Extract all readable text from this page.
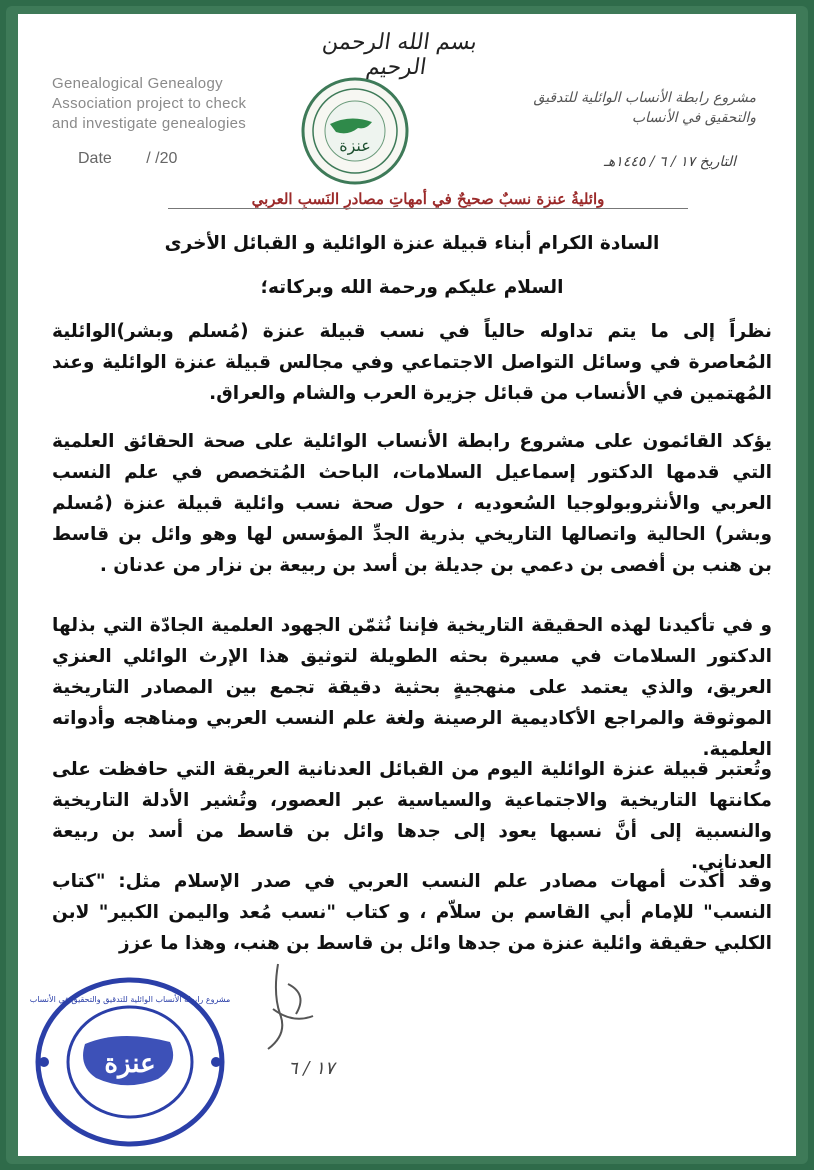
بسم الله الرحمن الرحيم
Genealogical Genealogy
Association project to check
and investigate genealogies
Date / /20
مشروع رابطة الأنساب الوائلية للتدقيق
والتحقيق في الأنساب
التاريخ ١٧ / ٦ / ١٤٤٥هـ
عنزة
وائليةُ عنزة نسبٌ صحيحٌ في أمهاتِ مصادرِ النَسبِ العربي
السادة الكرام أبناء قبيلة عنزة الوائلية و القبائل الأخرى
السلام عليكم ورحمة الله وبركاته؛
نظراً إلى ما يتم تداوله حالياً في نسب قبيلة عنزة (مُسلم وبشر)الوائلية المُعاصرة في وسائل التواصل الاجتماعي وفي مجالس قبيلة عنزة الوائلية وعند المُهتمين في الأنساب من قبائل جزيرة العرب والشام والعراق.
يؤكد القائمون على مشروع رابطة الأنساب الوائلية على صحة الحقائق العلمية التي قدمها الدكتور إسماعيل السلامات، الباحث المُتخصص في علم النسب العربي والأنثروبولوجيا السُعوديه ، حول صحة نسب وائلية قبيلة عنزة (مُسلم وبشر) الحالية واتصالها التاريخي بذرية الجدِّ المؤسس لها وهو وائل بن قاسط بن هنب بن أفصى بن دعمي بن جديلة بن أسد بن ربيعة بن نزار من عدنان .
و في تأكيدنا لهذه الحقيقة التاريخية فإننا نُثمّن الجهود العلمية الجادّة التي بذلها الدكتور السلامات في مسيرة بحثه الطويلة لتوثيق هذا الإرث الوائلي العنزي العريق، والذي يعتمد على منهجيةٍ بحثية دقيقة تجمع بين المصادر التاريخية الموثوقة والمراجع الأكاديمية الرصينة ولغة علم النسب العربي ومناهجه وأدواته العلمية.
وتُعتبر قبيلة عنزة الوائلية اليوم من القبائل العدنانية العريقة التي حافظت على مكانتها التاريخية والاجتماعية والسياسية عبر العصور، وتُشير الأدلة التاريخية والنسبية إلى أنَّ نسبها يعود إلى جدها وائل بن قاسط من أسد بن ربيعة العدناني.
وقد أكدت أمهات مصادر علم النسب العربي في صدر الإسلام مثل: "كتاب النسب" للإمام أبي القاسم بن سلاّم ، و كتاب "نسب مُعد واليمن الكبير" لابن الكلبي حقيقة وائلية عنزة من جدها وائل بن قاسط بن هنب، وهذا ما عزز
١٧ / ٦
عنزة
مشروع رابطة الأنساب الوائلية للتدقيق والتحقيق في الأنساب
